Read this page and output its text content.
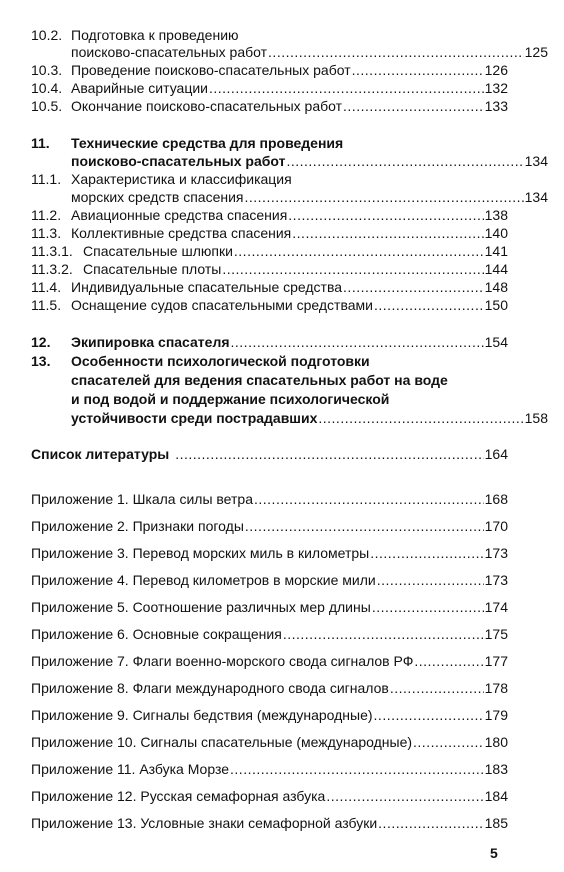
10.2. Подготовка к проведению
поисково-спасательных работ .....	125
10.3. Проведение поисково-спасательных работ .....	126
10.4. Аварийные ситуации .....	132
10.5. Окончание поисково-спасательных работ .....	133
11.	Технические средства для проведения
поисково-спасательных работ .....	134
11.1. Характеристика и классификация
морских средств спасения .....	134
11.2. Авиационные средства спасения .....	138
11.3. Коллективные средства спасения .....	140
11.3.1. Спасательные шлюпки .....	141
11.3.2. Спасательные плоты .....	144
11.4. Индивидуальные спасательные средства .....	148
11.5. Оснащение судов спасательными средствами .....	150
12.	Экипировка спасателя .....	154
13.	Особенности психологической подготовки
спасателей для ведения спасательных работ на воде
и под водой и поддержание психологической
устойчивости среди пострадавших .....	158
Список литературы .....	164
Приложение 1. Шкала силы ветра .....	168
Приложение 2. Признаки погоды .....	170
Приложение 3. Перевод морских миль в километры .....	173
Приложение 4. Перевод километров в морские мили .....	173
Приложение 5. Соотношение различных мер длины .....	174
Приложение 6. Основные сокращения .....	175
Приложение 7. Флаги военно-морского свода сигналов РФ .....	177
Приложение 8. Флаги международного свода сигналов .....	178
Приложение 9. Сигналы бедствия (международные) .....	179
Приложение 10. Сигналы спасательные (международные) .....	180
Приложение 11. Азбука Морзе .....	183
Приложение 12. Русская семафорная азбука .....	184
Приложение 13. Условные знаки семафорной азбуки .....	185
5
